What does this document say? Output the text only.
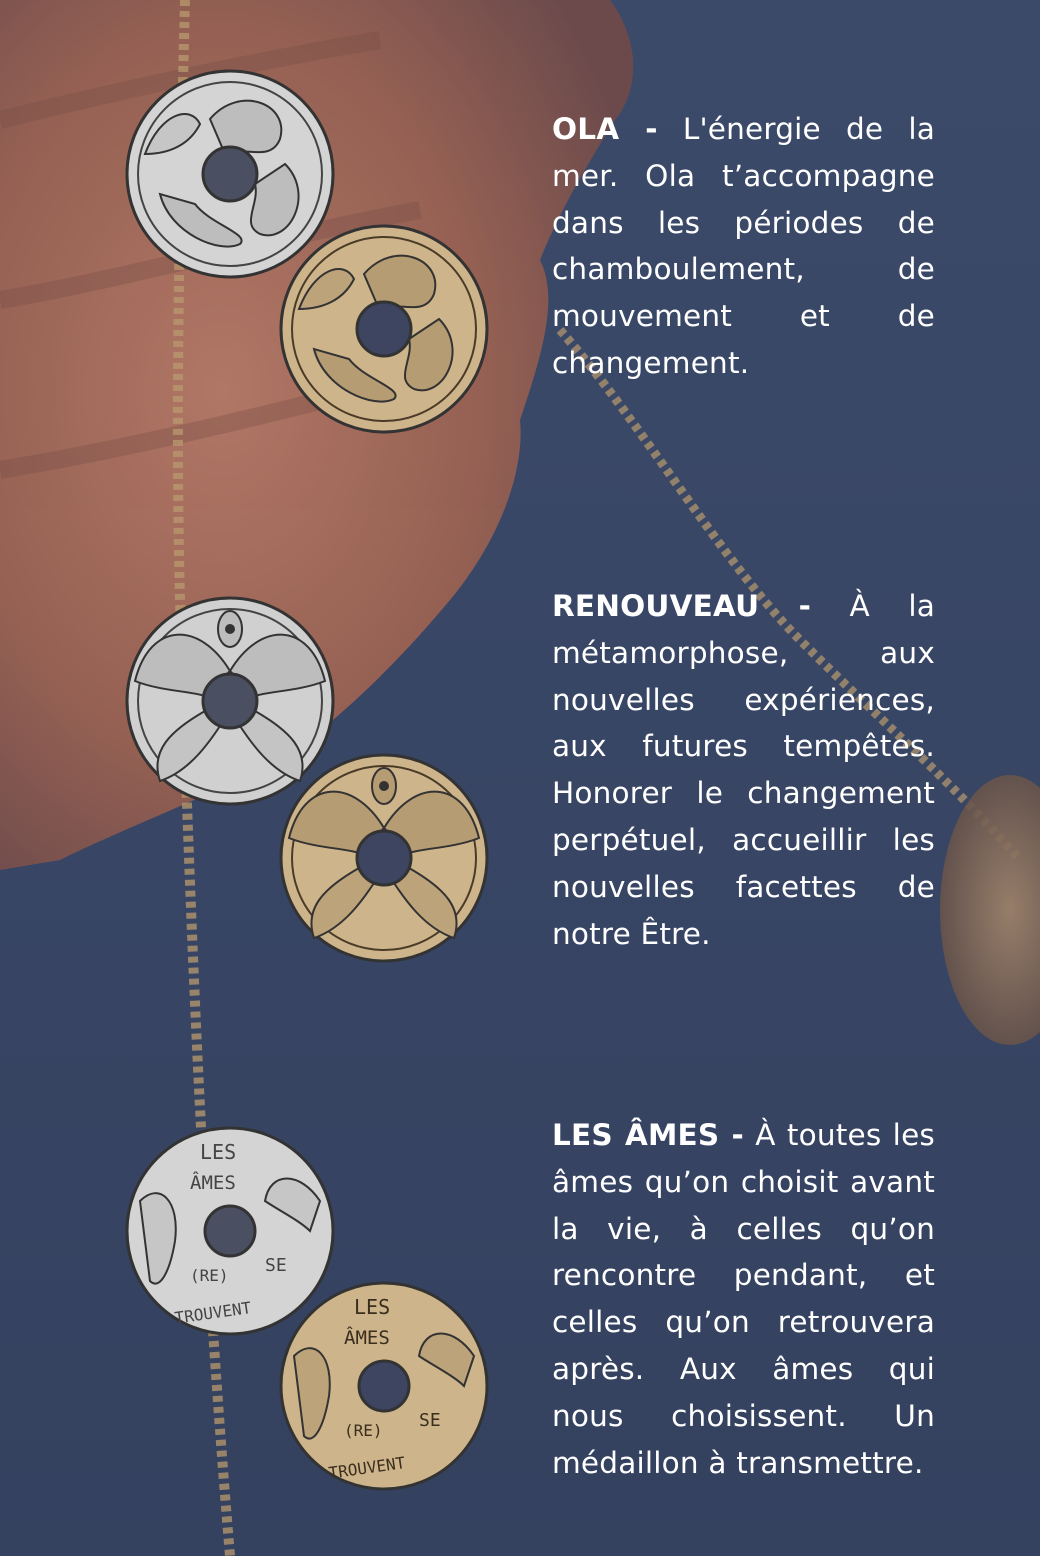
OLA - L'énergie de la mer. Ola t’accompagne dans les périodes de chamboulement, de mouvement et de changement.
RENOUVEAU - À la métamorphose, aux nouvelles expériences, aux futures tempêtes. Honorer le changement perpétuel, accueillir les nouvelles facettes de notre Être.
LES
ÂMES
SE
(RE)
TROUVENT	LES
ÂMES
SE
(RE)
TROUVENT
LES ÂMES - À toutes les âmes qu’on choisit avant la vie, à celles qu’on rencontre pendant, et celles qu’on retrouvera après. Aux âmes qui nous choisissent. Un médaillon à transmettre.
